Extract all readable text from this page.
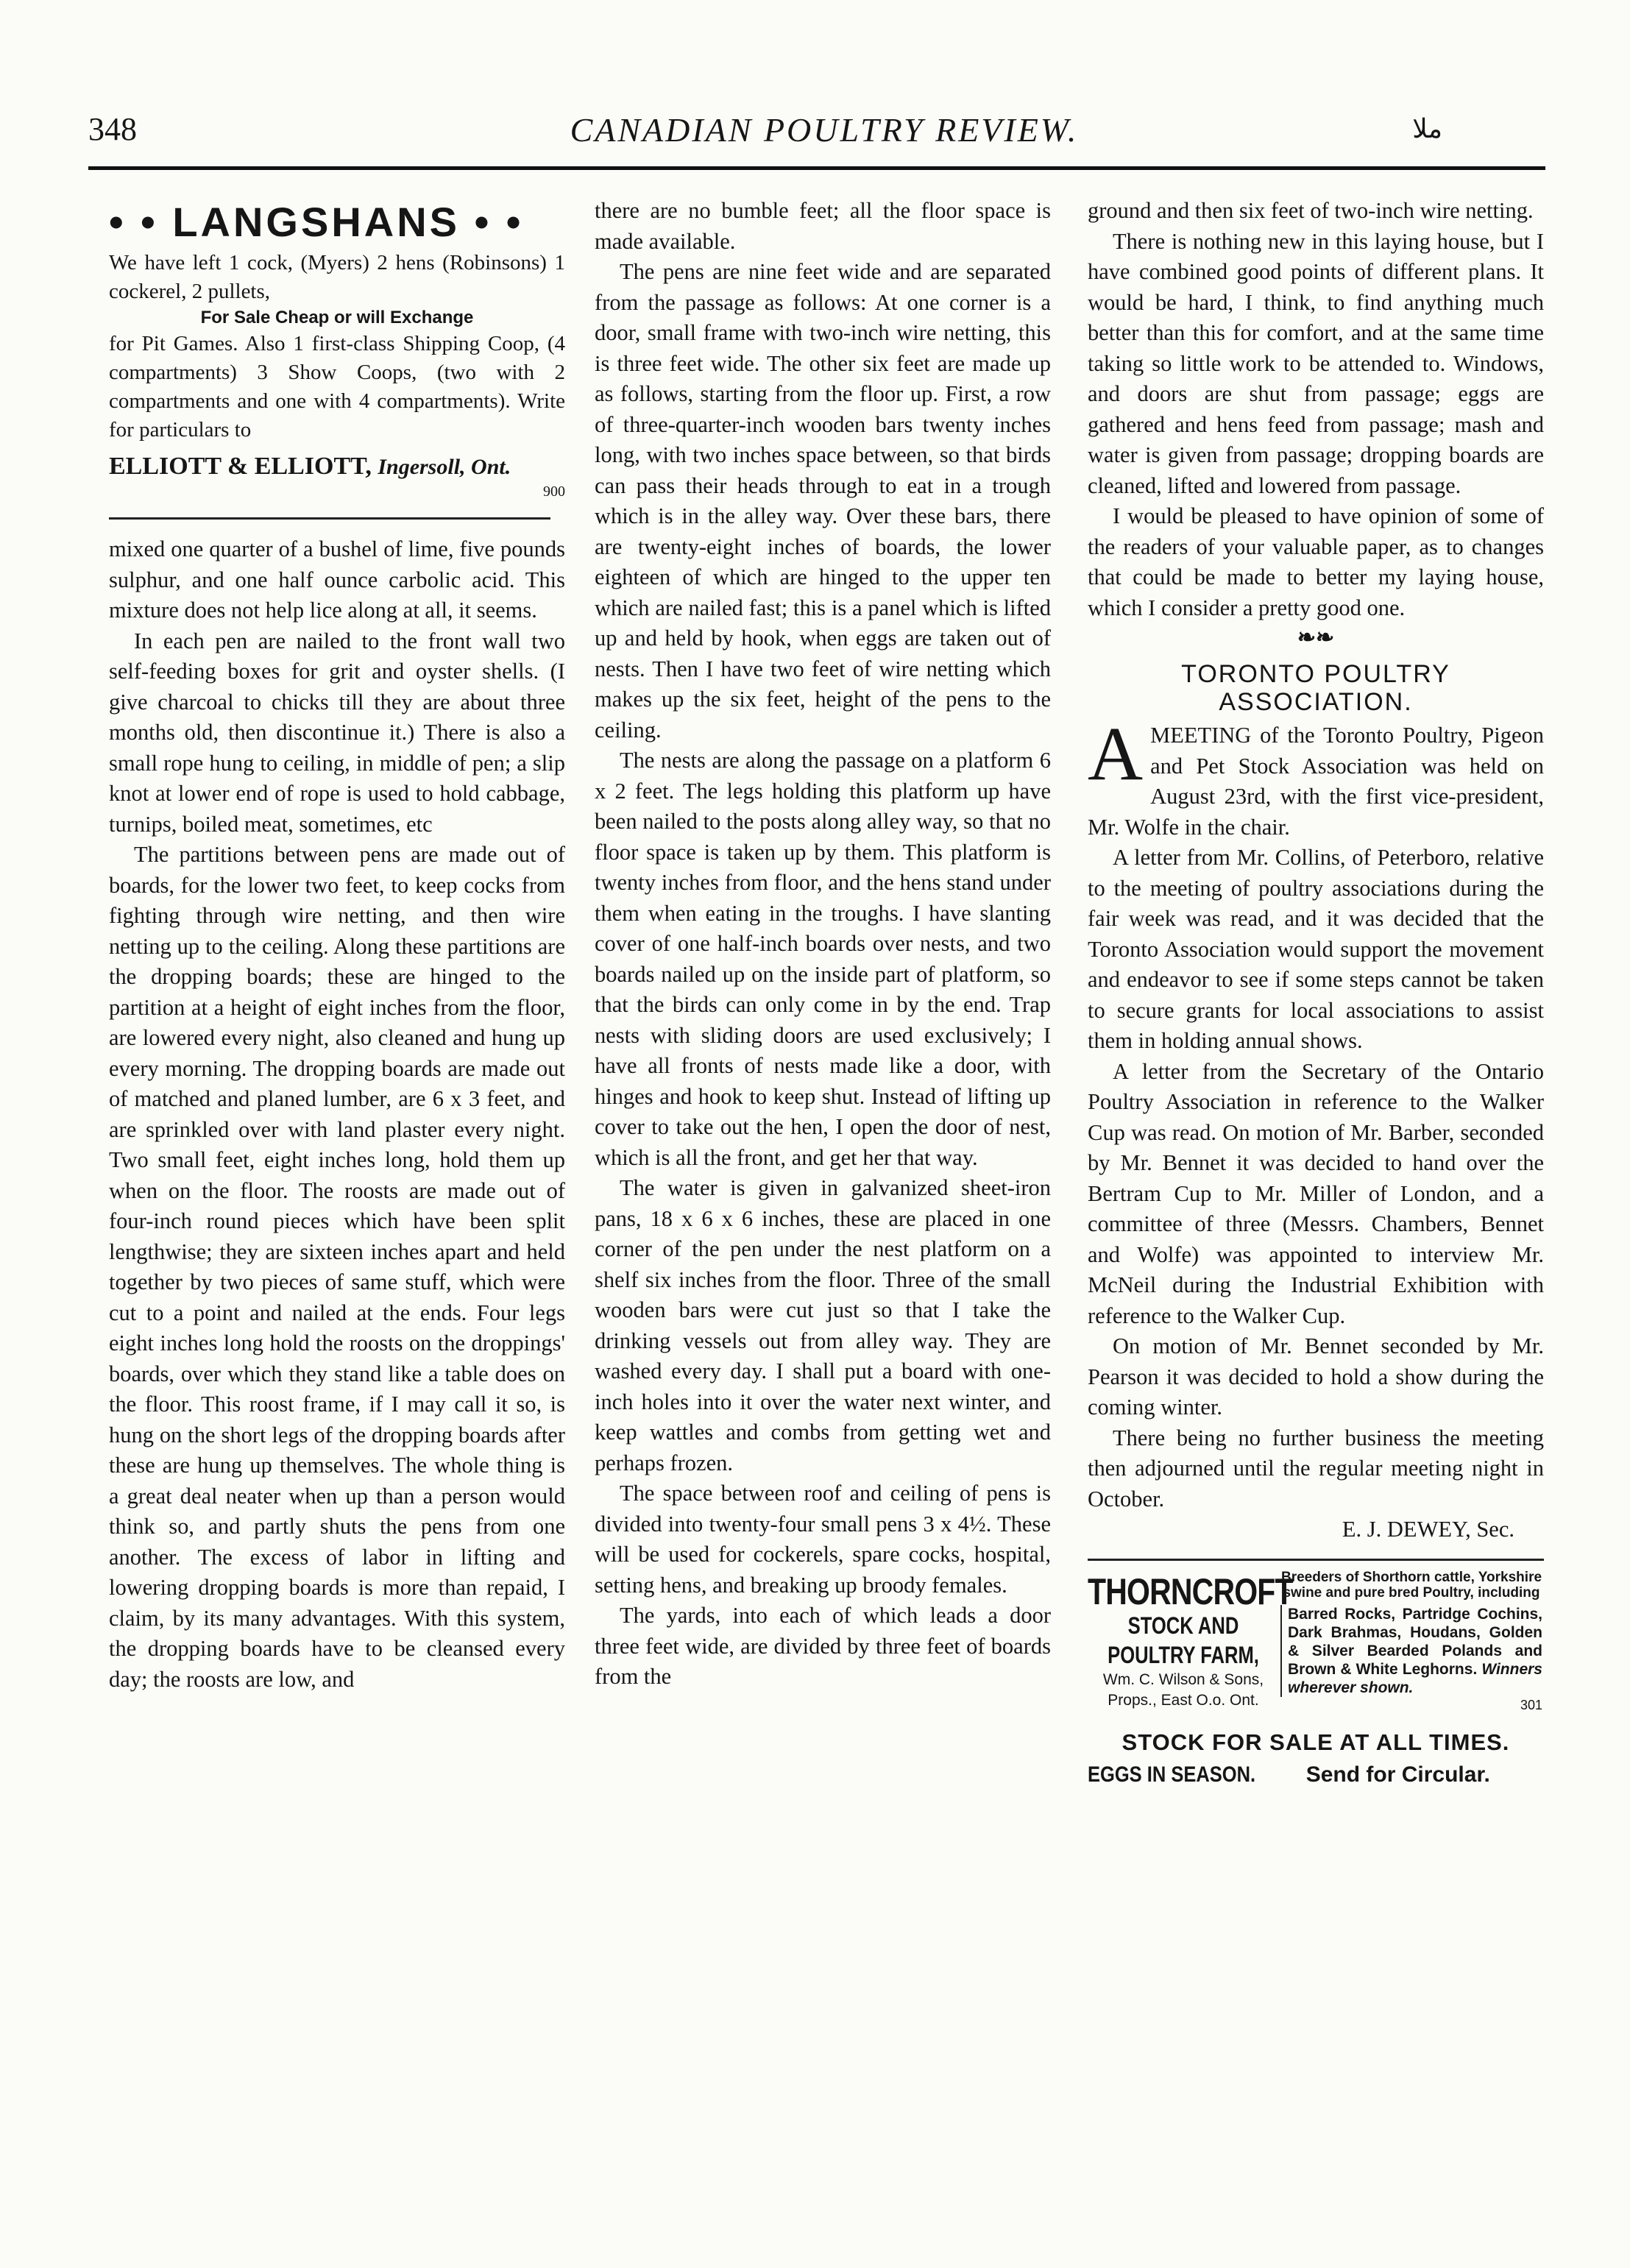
348	CANADIAN POULTRY REVIEW.	ملا
• • LANGSHANS • •

We have left 1 cock, (Myers) 2 hens (Robinsons) 1 cockerel, 2 pullets,

For Sale Cheap or will Exchange

for Pit Games. Also 1 first-class Shipping Coop, (4 compartments) 3 Show Coops, (two with 2 compartments and one with 4 compartments). Write for particulars to

ELLIOTT & ELLIOTT, Ingersoll, Ont.
900

mixed one quarter of a bushel of lime, five pounds sulphur, and one half ounce carbolic acid. This mixture does not help lice along at all, it seems.

In each pen are nailed to the front wall two self-feeding boxes for grit and oyster shells. (I give charcoal to chicks till they are about three months old, then discontinue it.) There is also a small rope hung to ceiling, in middle of pen; a slip knot at lower end of rope is used to hold cabbage, turnips, boiled meat, sometimes, etc

The partitions between pens are made out of boards, for the lower two feet, to keep cocks from fighting through wire netting, and then wire netting up to the ceiling. Along these partitions are the dropping boards; these are hinged to the partition at a height of eight inches from the floor, are lowered every night, also cleaned and hung up every morning. The dropping boards are made out of matched and planed lumber, are 6 x 3 feet, and are sprinkled over with land plaster every night. Two small feet, eight inches long, hold them up when on the floor. The roosts are made out of four-inch round pieces which have been split lengthwise; they are sixteen inches apart and held together by two pieces of same stuff, which were cut to a point and nailed at the ends. Four legs eight inches long hold the roosts on the droppings' boards, over which they stand like a table does on the floor. This roost frame, if I may call it so, is hung on the short legs of the dropping boards after these are hung up themselves. The whole thing is a great deal neater when up than a person would think so, and partly shuts the pens from one another. The excess of labor in lifting and lowering dropping boards is more than repaid, I claim, by its many advantages. With this system, the dropping boards have to be cleansed every day; the roosts are low, and

there are no bumble feet; all the floor space is made available.

The pens are nine feet wide and are separated from the passage as follows: At one corner is a door, small frame with two-inch wire netting, this is three feet wide. The other six feet are made up as follows, starting from the floor up. First, a row of three-quarter-inch wooden bars twenty inches long, with two inches space between, so that birds can pass their heads through to eat in a trough which is in the alley way. Over these bars, there are twenty-eight inches of boards, the lower eighteen of which are hinged to the upper ten which are nailed fast; this is a panel which is lifted up and held by hook, when eggs are taken out of nests. Then I have two feet of wire netting which makes up the six feet, height of the pens to the ceiling.

The nests are along the passage on a platform 6 x 2 feet. The legs holding this platform up have been nailed to the posts along alley way, so that no floor space is taken up by them. This platform is twenty inches from floor, and the hens stand under them when eating in the troughs. I have slanting cover of one half-inch boards over nests, and two boards nailed up on the inside part of platform, so that the birds can only come in by the end. Trap nests with sliding doors are used exclusively; I have all fronts of nests made like a door, with hinges and hook to keep shut. Instead of lifting up cover to take out the hen, I open the door of nest, which is all the front, and get her that way.

The water is given in galvanized sheet-iron pans, 18 x 6 x 6 inches, these are placed in one corner of the pen under the nest platform on a shelf six inches from the floor. Three of the small wooden bars were cut just so that I take the drinking vessels out from alley way. They are washed every day. I shall put a board with one-inch holes into it over the water next winter, and keep wattles and combs from getting wet and perhaps frozen.

The space between roof and ceiling of pens is divided into twenty-four small pens 3 x 4½. These will be used for cockerels, spare cocks, hospital, setting hens, and breaking up broody females.

The yards, into each of which leads a door three feet wide, are divided by three feet of boards from the

ground and then six feet of two-inch wire netting.

There is nothing new in this laying house, but I have combined good points of different plans. It would be hard, I think, to find anything much better than this for comfort, and at the same time taking so little work to be attended to. Windows, and doors are shut from passage; eggs are gathered and hens feed from passage; mash and water is given from passage; dropping boards are cleaned, lifted and lowered from passage.

I would be pleased to have opinion of some of the readers of your valuable paper, as to changes that could be made to better my laying house, which I consider a pretty good one.

❧❧
TORONTO POULTRY ASSOCIATION.

AMEETING of the Toronto Poultry, Pigeon and Pet Stock Association was held on August 23rd, with the first vice-president, Mr. Wolfe in the chair.

A letter from Mr. Collins, of Peterboro, relative to the meeting of poultry associations during the fair week was read, and it was decided that the Toronto Association would support the movement and endeavor to see if some steps cannot be taken to secure grants for local associations to assist them in holding annual shows.

A letter from the Secretary of the Ontario Poultry Association in reference to the Walker Cup was read. On motion of Mr. Barber, seconded by Mr. Bennet it was decided to hand over the Bertram Cup to Mr. Miller of London, and a committee of three (Messrs. Chambers, Bennet and Wolfe) was appointed to interview Mr. McNeil during the Industrial Exhibition with reference to the Walker Cup.

On motion of Mr. Bennet seconded by Mr. Pearson it was decided to hold a show during the coming winter.

There being no further business the meeting then adjourned until the regular meeting night in October.

E. J. DEWEY, Sec.
THORNCROFT
STOCK AND
POULTRY FARM,
Wm. C. Wilson & Sons,
Props., East O.o. Ont.
Breeders of Shorthorn cattle, Yorkshire swine and pure bred Poultry, including
Barred Rocks, Partridge Cochins, Dark Brahmas, Houdans, Golden & Silver Bearded Polands and Brown & White Leghorns. Winners wherever shown.
301
STOCK FOR SALE AT ALL TIMES.
EGGS IN SEASON. Send for Circular.
